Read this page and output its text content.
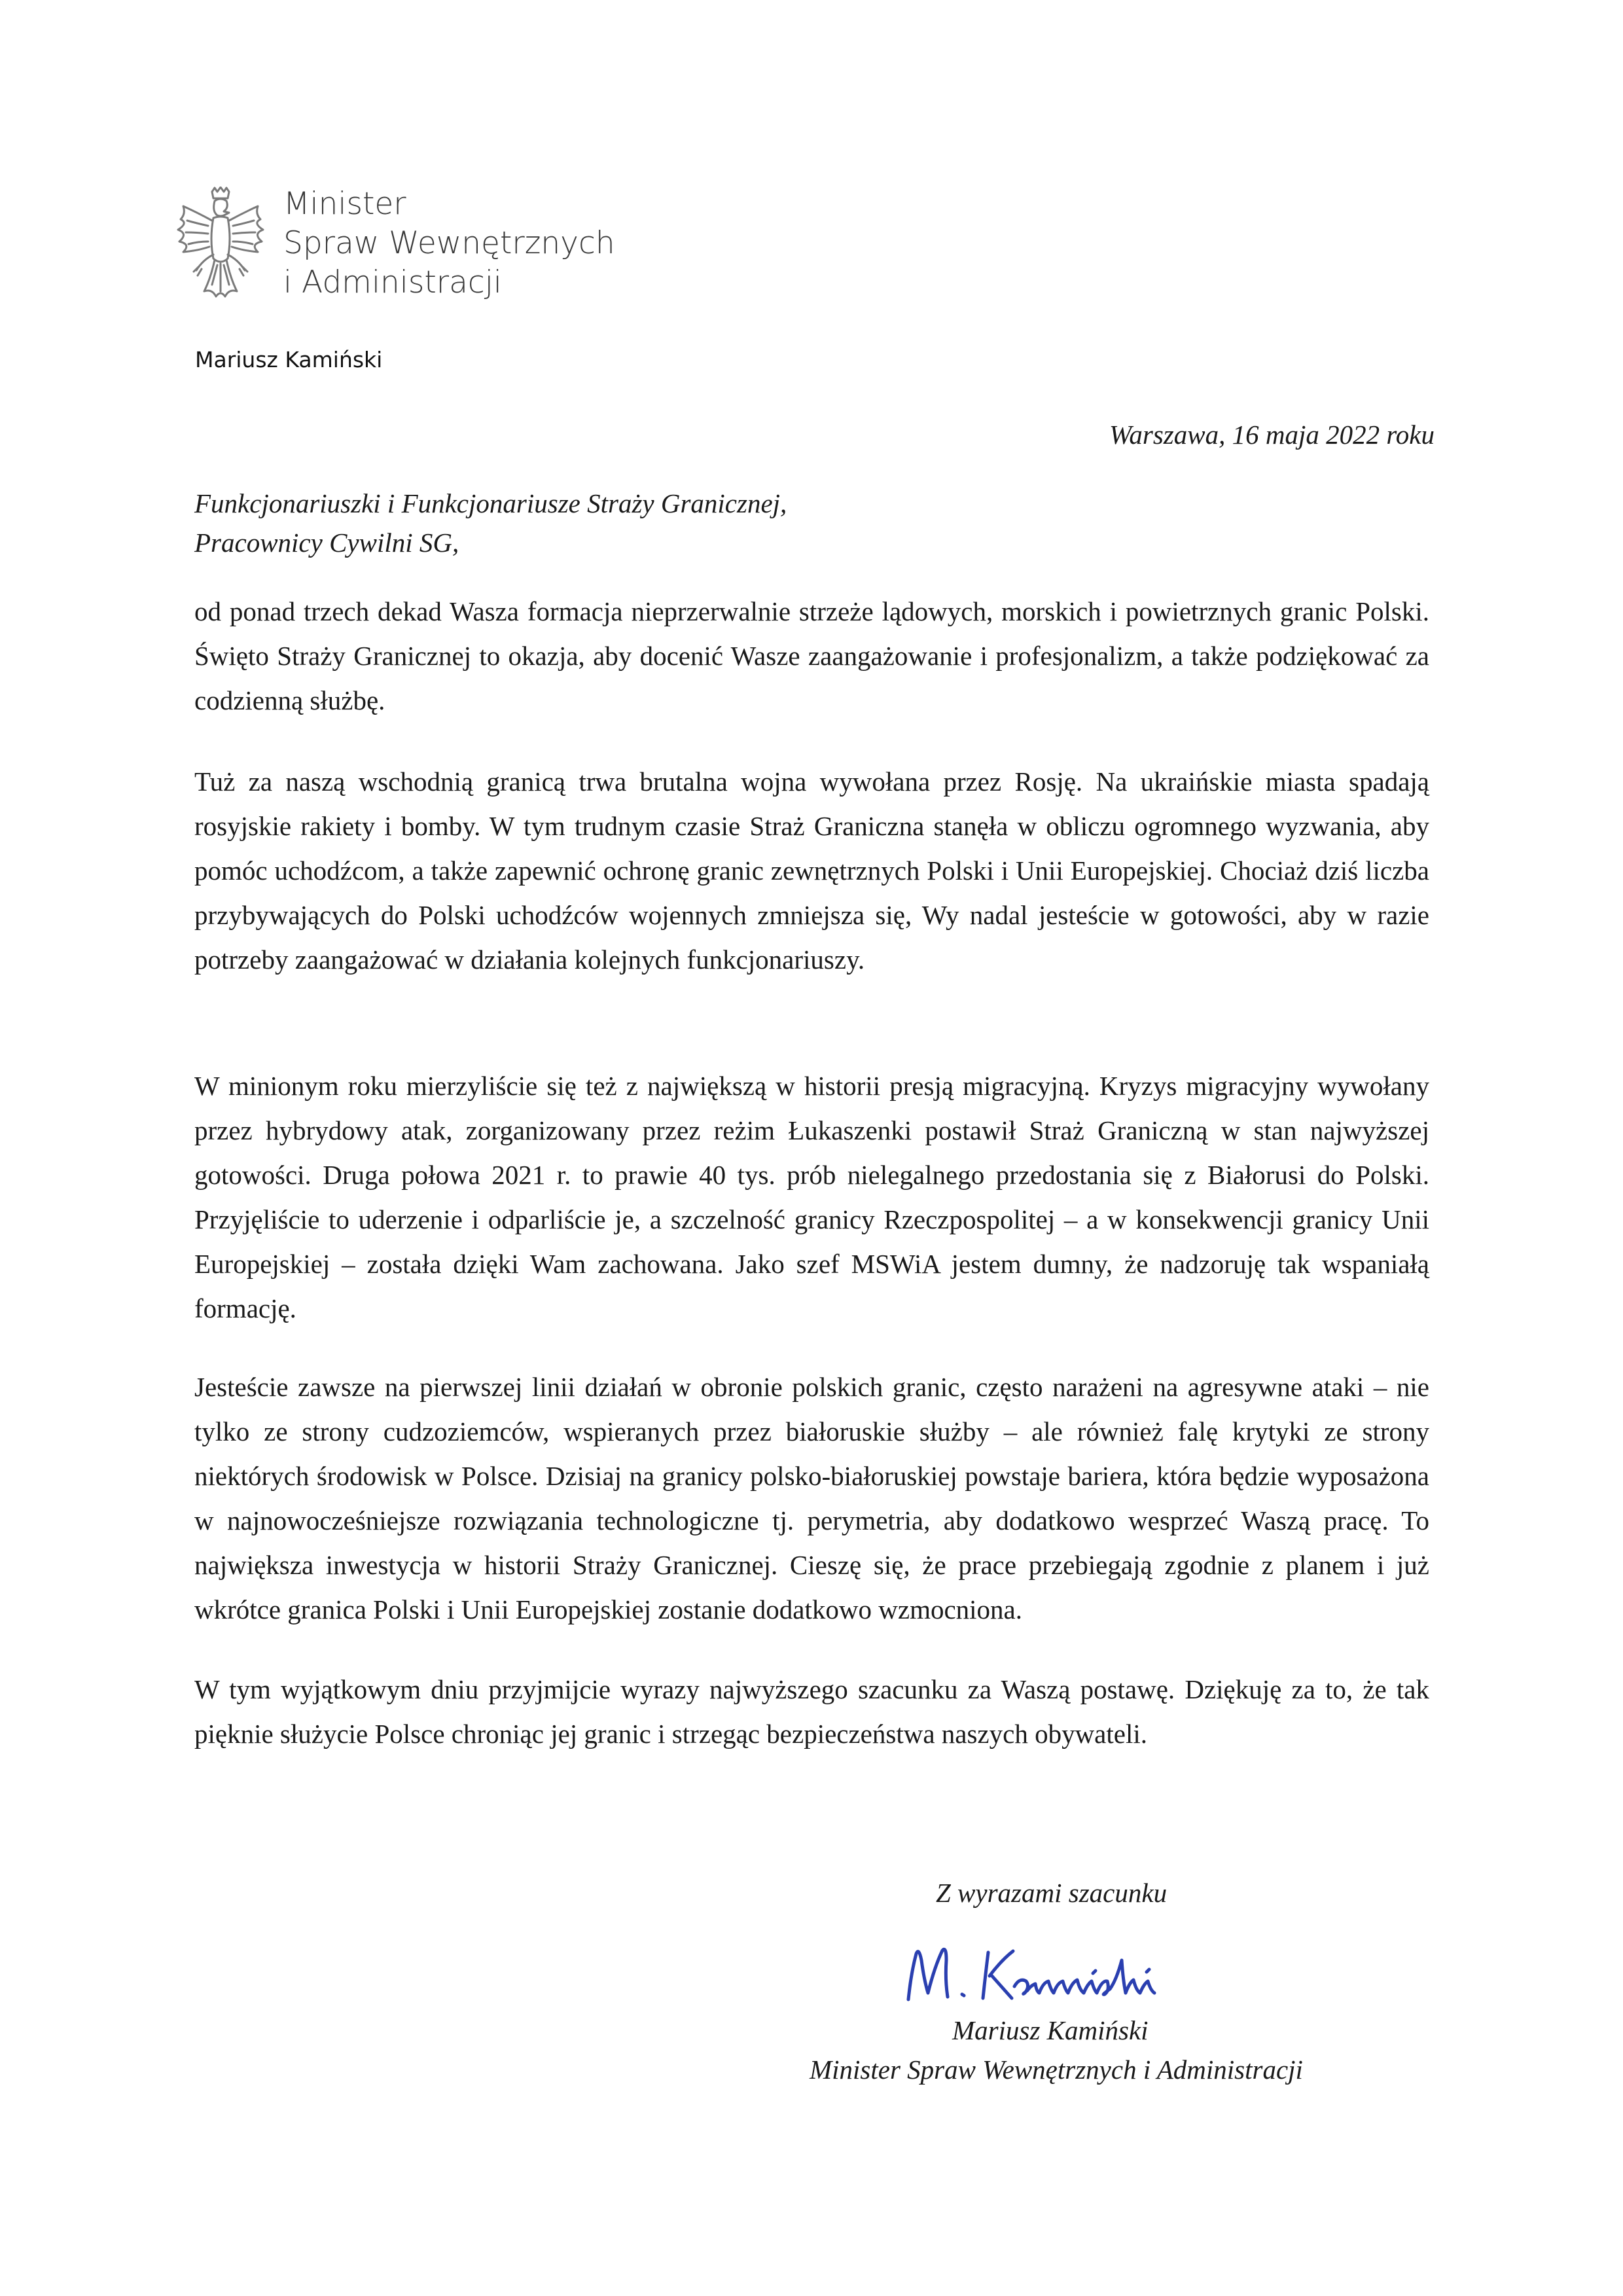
Minister
Spraw Wewnętrznych
i Administracji
Mariusz Kamiński
Warszawa, 16 maja 2022 roku
Funkcjonariuszki i Funkcjonariusze Straży Granicznej,
Pracownicy Cywilni SG,
od ponad trzech dekad Wasza formacja nieprzerwalnie strzeże lądowych, morskich i powietrznych granic Polski. Święto Straży Granicznej to okazja, aby docenić Wasze zaangażowanie i profesjonalizm, a także podziękować za codzienną służbę.
Tuż za naszą wschodnią granicą trwa brutalna wojna wywołana przez Rosję. Na ukraińskie miasta spadają rosyjskie rakiety i bomby. W tym trudnym czasie Straż Graniczna stanęła w obliczu ogromnego wyzwania, aby pomóc uchodźcom, a także zapewnić ochronę granic zewnętrznych Polski i Unii Europejskiej. Chociaż dziś liczba przybywających do Polski uchodźców wojennych zmniejsza się, Wy nadal jesteście w gotowości, aby w razie potrzeby zaangażować w działania kolejnych funkcjonariuszy.
W minionym roku mierzyliście się też z największą w historii presją migracyjną. Kryzys migracyjny wywołany przez hybrydowy atak, zorganizowany przez reżim Łukaszenki postawił Straż Graniczną w stan najwyższej gotowości. Druga połowa 2021 r. to prawie 40 tys. prób nielegalnego przedostania się z Białorusi do Polski. Przyjęliście to uderzenie i odparliście je, a szczelność granicy Rzeczpospolitej – a w konsekwencji granicy Unii Europejskiej – została dzięki Wam zachowana. Jako szef MSWiA jestem dumny, że nadzoruję tak wspaniałą formację.
Jesteście zawsze na pierwszej linii działań w obronie polskich granic, często narażeni na agresywne ataki – nie tylko ze strony cudzoziemców, wspieranych przez białoruskie służby – ale również falę krytyki ze strony niektórych środowisk w Polsce. Dzisiaj na granicy polsko-białoruskiej powstaje bariera, która będzie wyposażona w najnowocześniejsze rozwiązania technologiczne tj. perymetria, aby dodatkowo wesprzeć Waszą pracę. To największa inwestycja w historii Straży Granicznej. Cieszę się, że prace przebiegają zgodnie z planem i już wkrótce granica Polski i Unii Europejskiej zostanie dodatkowo wzmocniona.
W tym wyjątkowym dniu przyjmijcie wyrazy najwyższego szacunku za Waszą postawę. Dziękuję za to, że tak pięknie służycie Polsce chroniąc jej granic i strzegąc bezpieczeństwa naszych obywateli.
Z wyrazami szacunku
Mariusz Kamiński
Minister Spraw Wewnętrznych i Administracji
